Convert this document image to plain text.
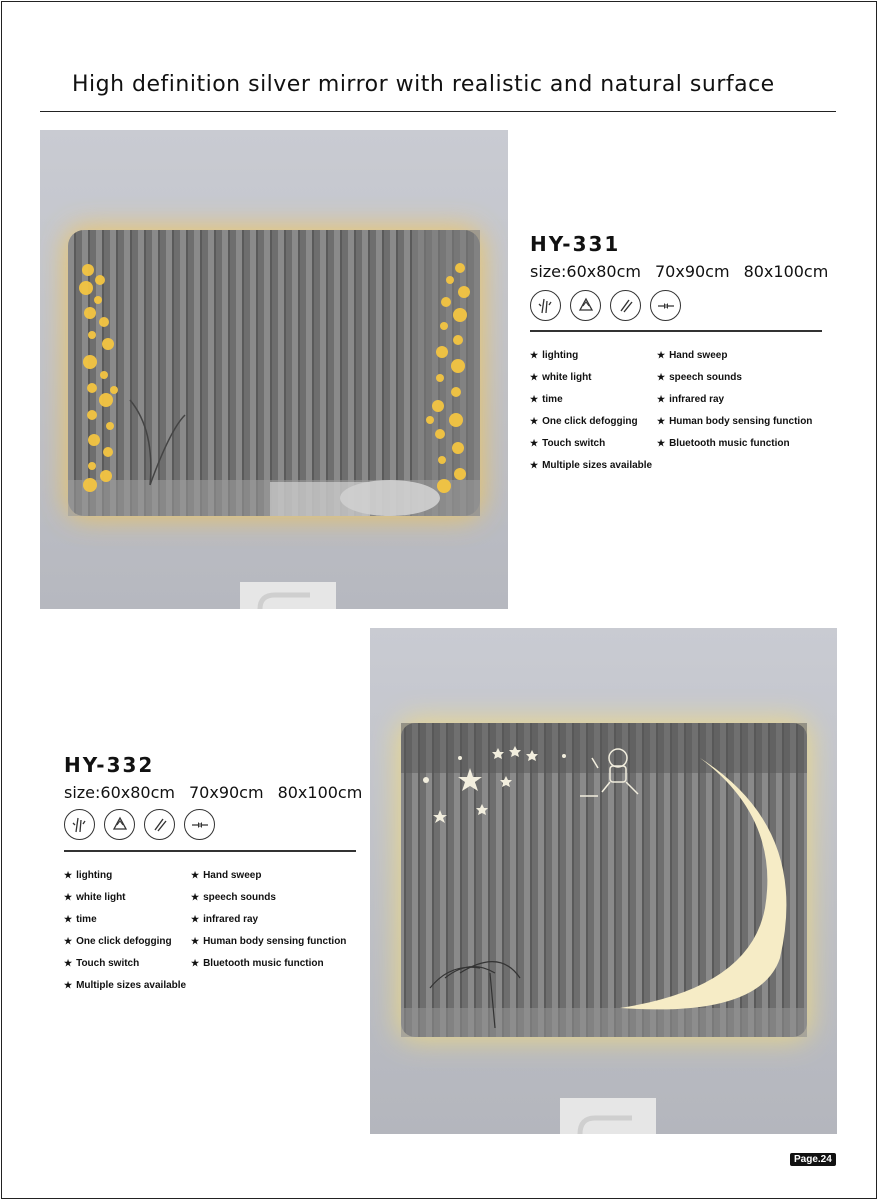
High definition silver mirror with realistic and natural surface
HY-331
size:60x80cm 70x90cm 80x100cm
★ lighting	★ Hand sweep
★ white light	★ speech sounds
★ time	★ infrared ray
★ One click defogging	★ Human body sensing function
★ Touch switch	★ Bluetooth music function
★ Multiple sizes available
HY-332
size:60x80cm 70x90cm 80x100cm
★ lighting	★ Hand sweep
★ white light	★ speech sounds
★ time	★ infrared ray
★ One click defogging	★ Human body sensing function
★ Touch switch	★ Bluetooth music function
★ Multiple sizes available
Page.24
